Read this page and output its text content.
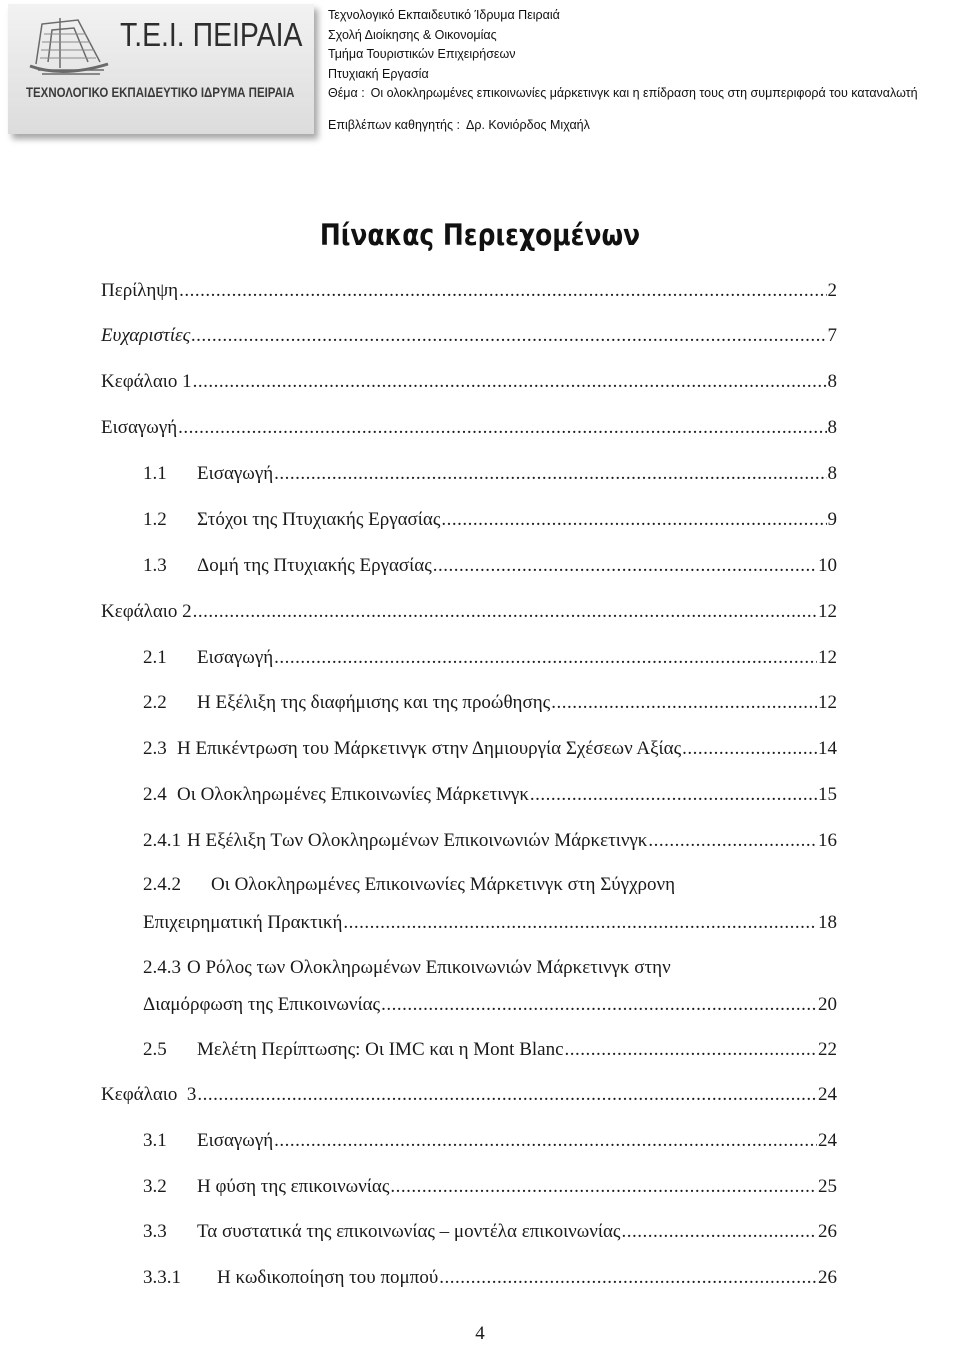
Τ.Ε.Ι. ΠΕΙΡΑΙΑ
ΤΕΧΝΟΛΟΓΙΚΟ ΕΚΠΑΙΔΕΥΤΙΚΟ ΙΔΡΥΜΑ ΠΕΙΡΑΙΑ
Τεχνολογικό Εκπαιδευτικό Ίδρυμα Πειραιά
Σχολή Διοίκησης & Οικονομίας
Τμήμα Τουριστικών Επιχειρήσεων
Πτυχιακή Εργασία
Θέμα : Οι ολοκληρωμένες επικοινωνίες μάρκετινγκ και η επίδραση τους στη συμπεριφορά του καταναλωτή
Επιβλέπων καθηγητής : Δρ. Κονιόρδος Μιχαήλ
Πίνακας Περιεχομένων
Περίληψη .....	2
Ευχαριστίες .....	7
Κεφάλαιο 1 .....	8
Εισαγωγή .....	8
1.1	Εισαγωγή .....	8
1.2	Στόχοι της Πτυχιακής Εργασίας .....	9
1.3	Δομή της Πτυχιακής Εργασίας .....	10
Κεφάλαιο 2 .....	12
2.1	Εισαγωγή .....	12
2.2	Η Εξέλιξη της διαφήμισης και της προώθησης .....	12
2.3 Η Επικέντρωση του Μάρκετινγκ στην Δημιουργία Σχέσεων Αξίας .....	14
2.4 Οι Ολοκληρωμένες Επικοινωνίες Μάρκετινγκ .....	15
2.4.1 Η Εξέλιξη Των Ολοκληρωμένων Επικοινωνιών Μάρκετινγκ .....	16
2.4.2 Οι Ολοκληρωμένες Επικοινωνίες Μάρκετινγκ στη Σύγχρονη
Επιχειρηματική Πρακτική .....	18
2.4.3 Ο Ρόλος των Ολοκληρωμένων Επικοινωνιών Μάρκετινγκ στην
Διαμόρφωση της Επικοινωνίας .....	20
2.5	Μελέτη Περίπτωσης: Οι IMC και η Mont Blanc .....	22
Κεφάλαιο  3 .....	24
3.1	Εισαγωγή .....	24
3.2	Η φύση της επικοινωνίας .....	25
3.3	Τα συστατικά της επικοινωνίας – μοντέλα επικοινωνίας .....	26
3.3.1	Η κωδικοποίηση του πομπού .....	26
4
